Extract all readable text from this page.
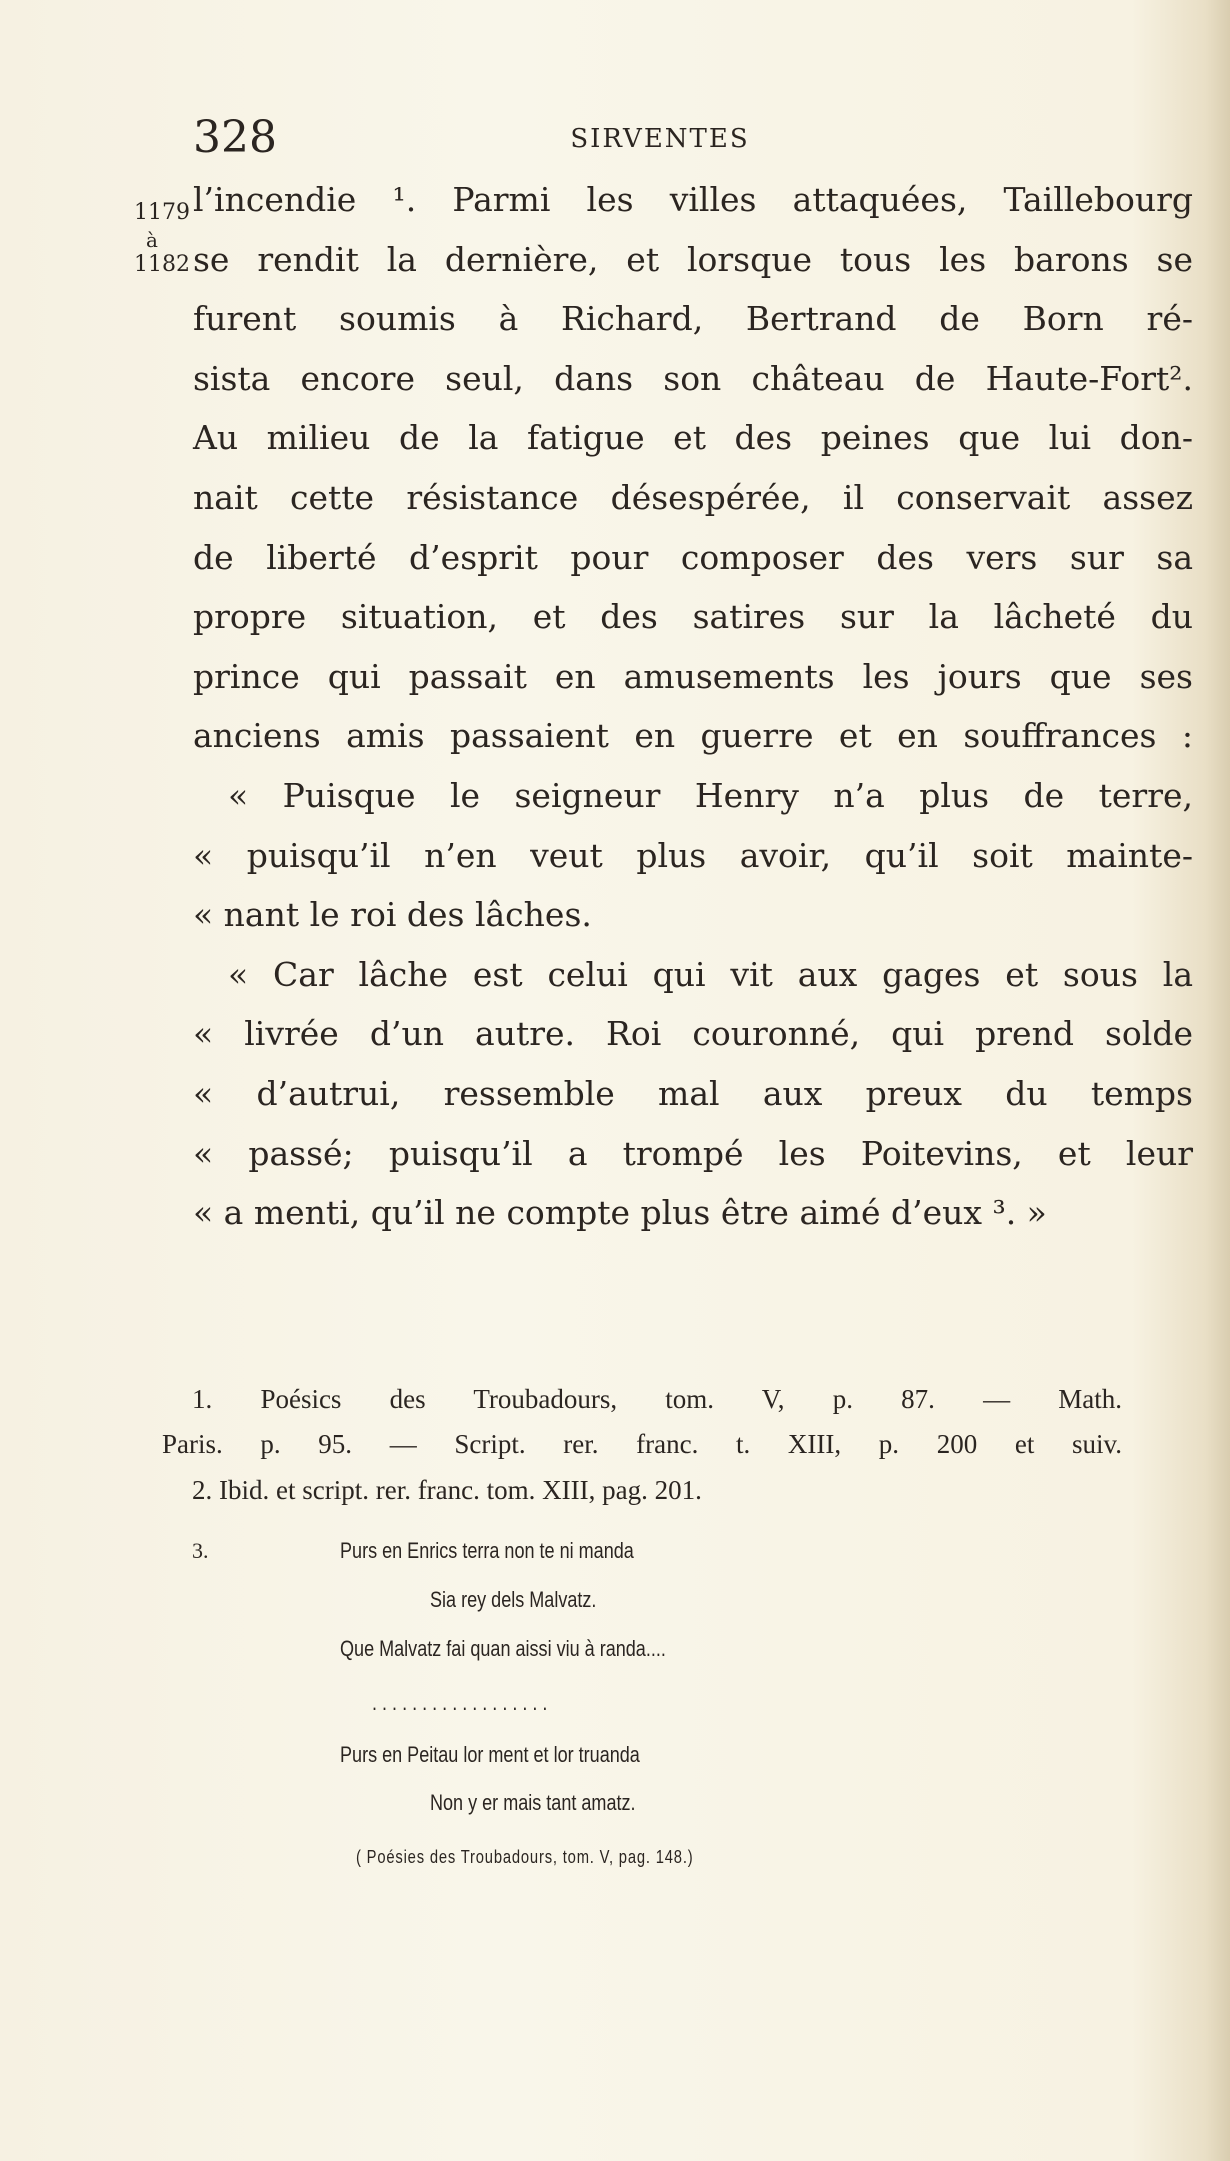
328	SIRVENTES
1179
à
1182
l’incendie ¹. Parmi les villes attaquées, Taillebourg
se rendit la dernière, et lorsque tous les barons se
furent soumis à Richard, Bertrand de Born ré-
sista encore seul, dans son château de Haute-Fort².
Au milieu de la fatigue et des peines que lui don-
nait cette résistance désespérée, il conservait assez
de liberté d’esprit pour composer des vers sur sa
propre situation, et des satires sur la lâcheté du
prince qui passait en amusements les jours que ses
anciens amis passaient en guerre et en souffrances :
« Puisque le seigneur Henry n’a plus de terre,
« puisqu’il n’en veut plus avoir, qu’il soit mainte-
« nant le roi des lâches.
« Car lâche est celui qui vit aux gages et sous la
« livrée d’un autre. Roi couronné, qui prend solde
« d’autrui, ressemble mal aux preux du temps
« passé; puisqu’il a trompé les Poitevins, et leur
« a menti, qu’il ne compte plus être aimé d’eux ³. »
1. Poésics des Troubadours, tom. V, p. 87. — Math.
Paris. p. 95. — Script. rer. franc. t. XIII, p. 200 et suiv.
2. Ibid. et script. rer. franc. tom. XIII, pag. 201.
3.	Purs en Enrics terra non te ni manda
Sia rey dels Malvatz.
Que Malvatz fai quan aissi viu à randa....
. . . . . . . . . . . . . . . . . .
Purs en Peitau lor ment et lor truanda
Non y er mais tant amatz.
( Poésies des Troubadours, tom. V, pag. 148.)
